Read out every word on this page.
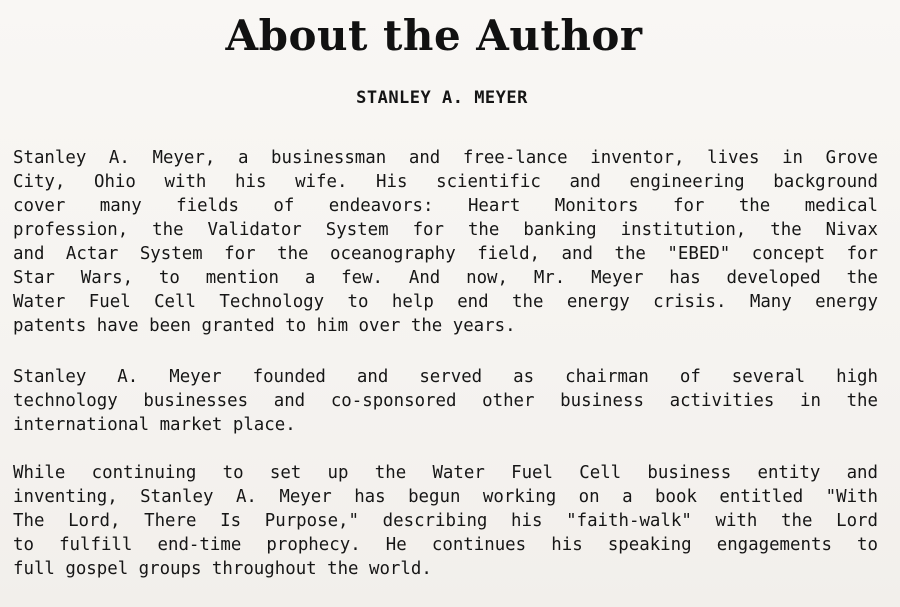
About the Author
STANLEY A. MEYER
Stanley A. Meyer, a businessman and free-lance inventor, lives in Grove
City, Ohio with his wife. His scientific and engineering background
cover many fields of endeavors: Heart Monitors for the medical
profession, the Validator System for the banking institution, the Nivax
and Actar System for the oceanography field, and the "EBED" concept for
Star Wars, to mention a few. And now, Mr. Meyer has developed the
Water Fuel Cell Technology to help end the energy crisis. Many energy
patents have been granted to him over the years.
Stanley A. Meyer founded and served as chairman of several high
technology businesses and co-sponsored other business activities in the
international market place.
While continuing to set up the Water Fuel Cell business entity and
inventing, Stanley A. Meyer has begun working on a book entitled "With
The Lord, There Is Purpose," describing his "faith-walk" with the Lord
to fulfill end-time prophecy. He continues his speaking engagements to
full gospel groups throughout the world.
